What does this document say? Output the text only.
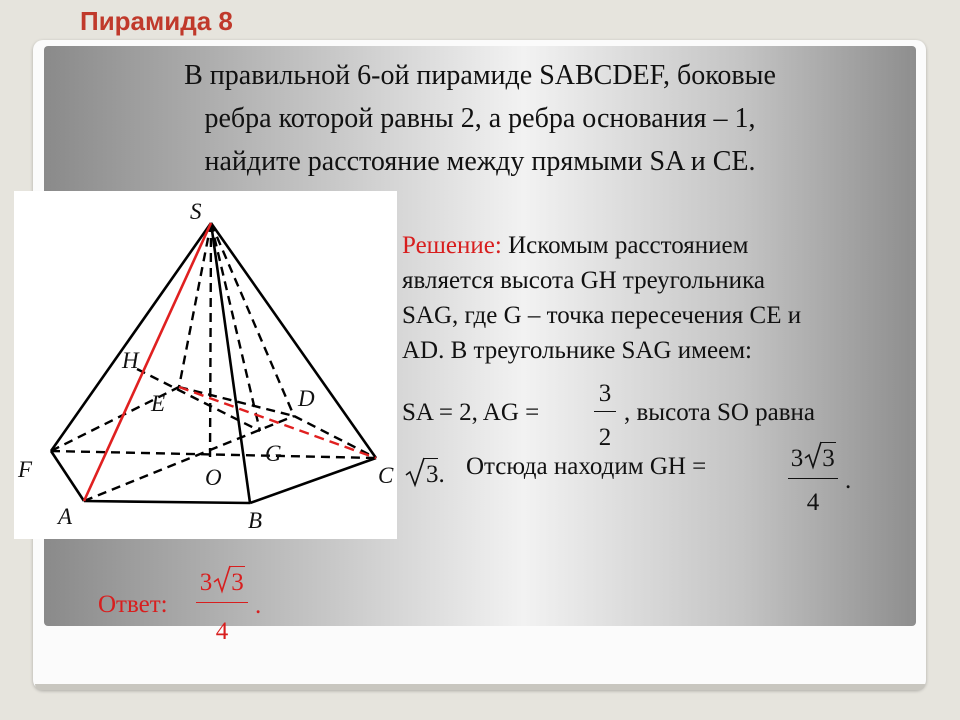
Пирамида 8

В правильной 6-ой пирамиде SABCDEF, боковые
ребра которой равны 2, а ребра основания – 1,
найдите расстояние между прямыми SA и CE.

S
H
E	D
G
F	O	C
A	B

Решение: Искомым расстоянием
является высота GH треугольника
SAG, где G – точка пересечения CE и
AD. В треугольнике SAG имеем:

SA = 2, AG =
3
2
, высота SO равна
3. Отсюда находим GH =	3 3
4
.
Ответ:
3 3
4
.
